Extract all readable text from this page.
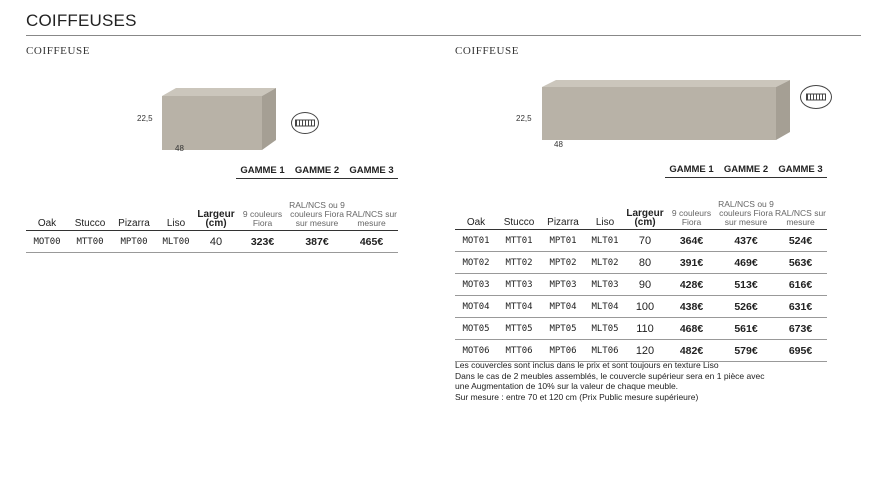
COIFFEUSES
COIFFEUSE
22,5
48
					GAMME 1	GAMME 2	GAMME 3
Oak	Stucco	Pizarra	Liso	Largeur (cm)	9 couleurs Fiora	RAL/NCS ou 9 couleurs Fiora sur mesure	RAL/NCS sur mesure
MOT00	MTT00	MPT00	MLT00	40	323€	387€	465€
COIFFEUSE
22,5
48
					GAMME 1	GAMME 2	GAMME 3
Oak	Stucco	Pizarra	Liso	Largeur (cm)	9 couleurs Fiora	RAL/NCS ou 9 couleurs Fiora sur mesure	RAL/NCS sur mesure
MOT01	MTT01	MPT01	MLT01	70	364€	437€	524€
MOT02	MTT02	MPT02	MLT02	80	391€	469€	563€
MOT03	MTT03	MPT03	MLT03	90	428€	513€	616€
MOT04	MTT04	MPT04	MLT04	100	438€	526€	631€
MOT05	MTT05	MPT05	MLT05	110	468€	561€	673€
MOT06	MTT06	MPT06	MLT06	120	482€	579€	695€
Les couvercles sont inclus dans le prix et sont toujours en texture Liso
Dans le cas de 2 meubles assemblés, le couvercle supérieur sera en 1 pièce avec
une Augmentation de 10% sur la valeur de chaque meuble.
Sur mesure : entre 70 et 120 cm (Prix Public mesure supérieure)
